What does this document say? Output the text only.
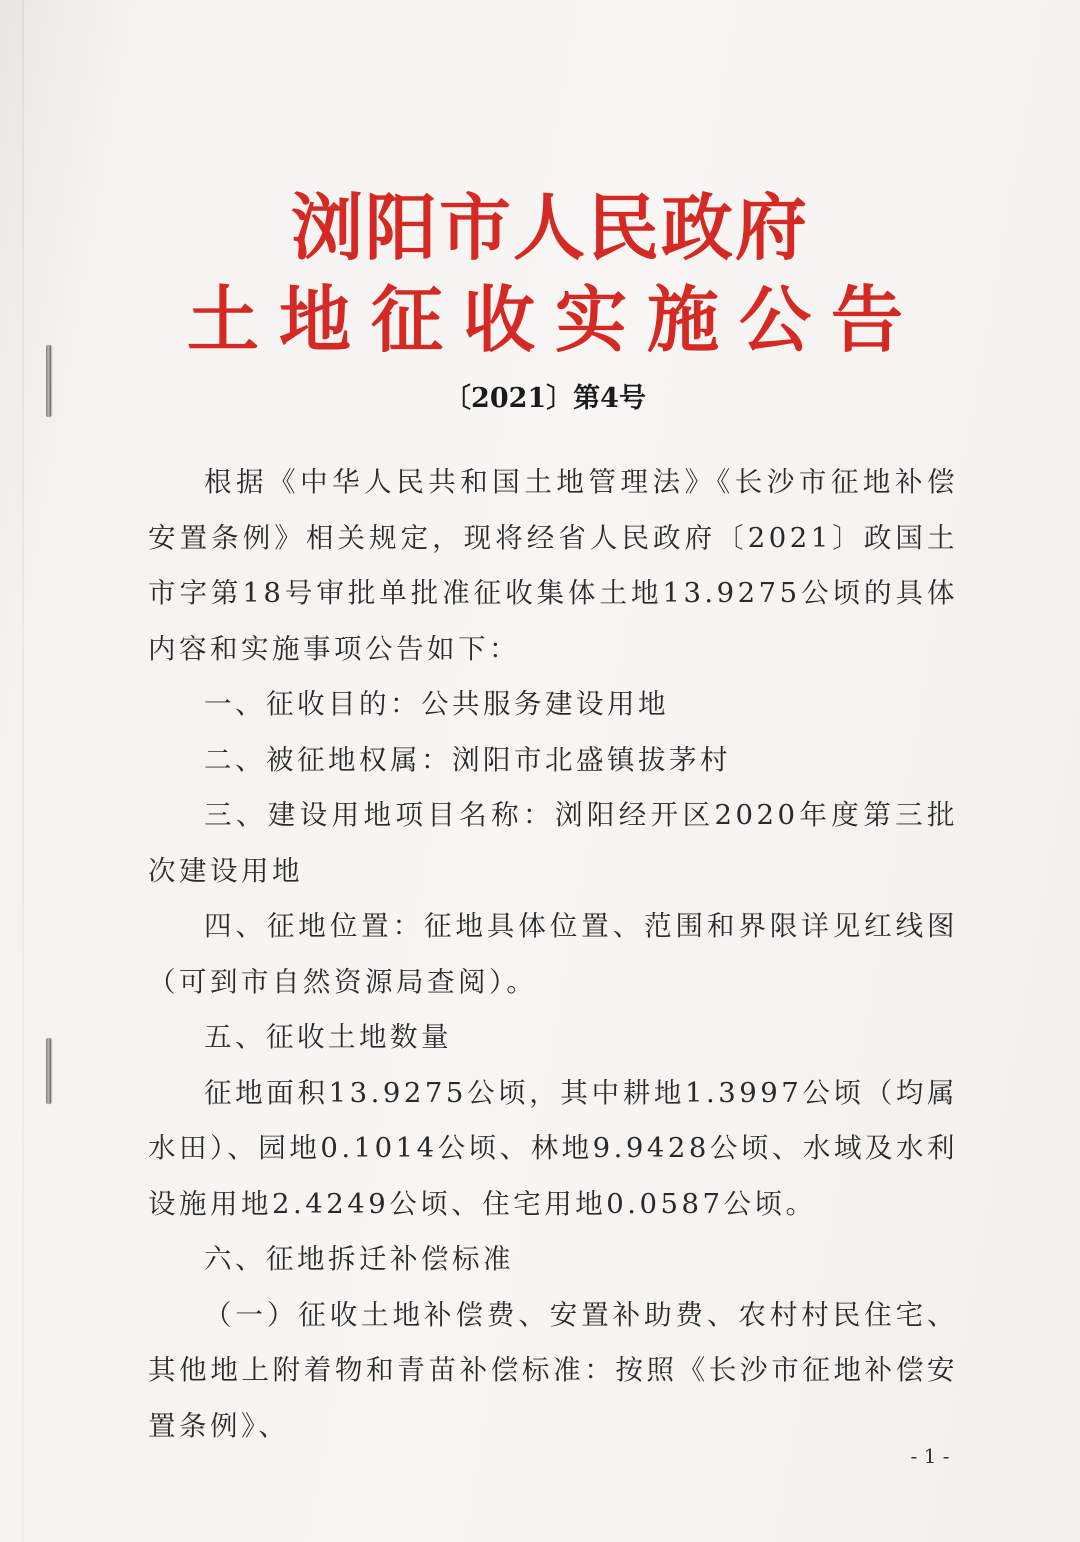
浏阳市人民政府
土地征收实施公告
〔2021〕第4号

根据《中华人民共和国土地管理法》《长沙市征地补偿安置条例》相关规定，现将经省人民政府〔2021〕政国土市字第18号审批单批准征收集体土地13.9275公顷的具体内容和实施事项公告如下：

一、征收目的：公共服务建设用地

二、被征地权属：浏阳市北盛镇拔茅村

三、建设用地项目名称：浏阳经开区2020年度第三批次建设用地

四、征地位置：征地具体位置、范围和界限详见红线图（可到市自然资源局查阅）。

五、征收土地数量

征地面积13.9275公顷，其中耕地1.3997公顷（均属水田）、园地0.1014公顷、林地9.9428公顷、水域及水利设施用地2.4249公顷、住宅用地0.0587公顷。

六、征地拆迁补偿标准

（一）征收土地补偿费、安置补助费、农村村民住宅、其他地上附着物和青苗补偿标准：按照《长沙市征地补偿安置条例》、

- 1 -
